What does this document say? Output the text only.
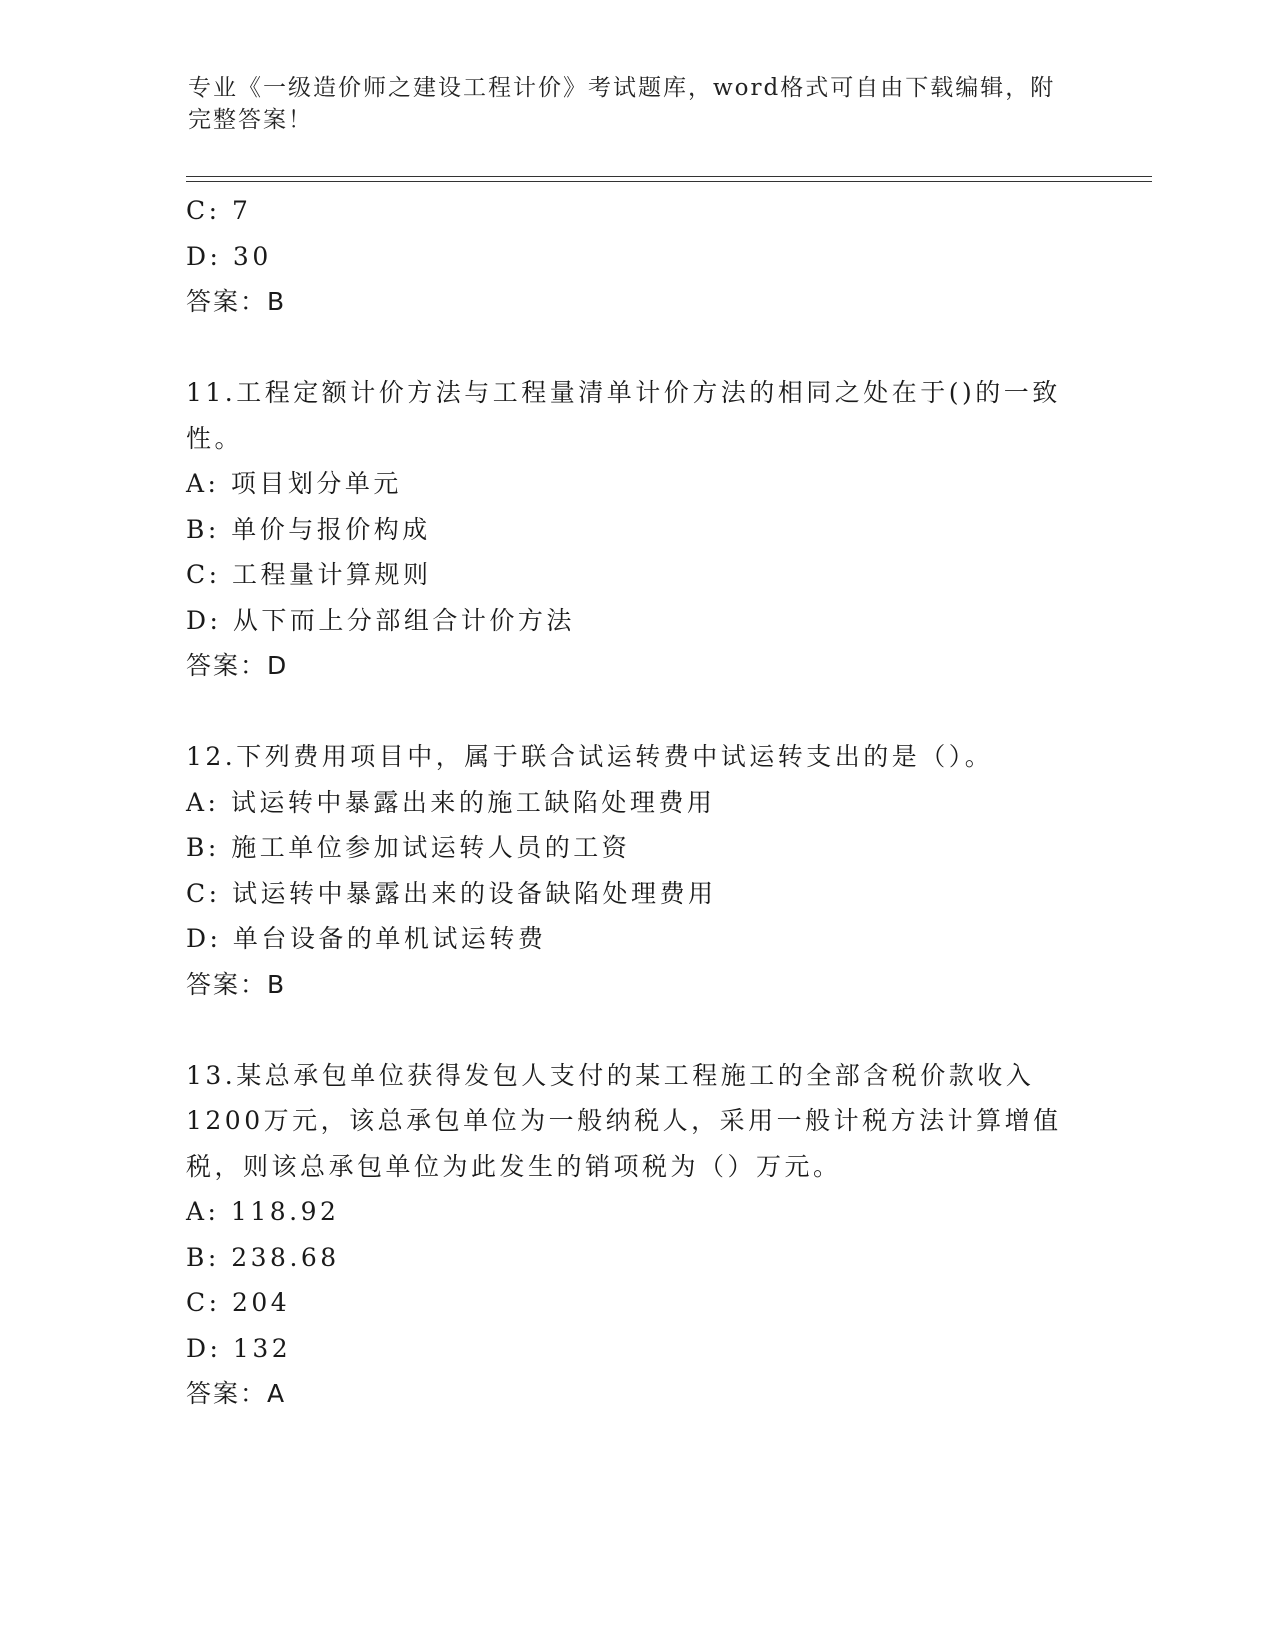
专业《一级造价师之建设工程计价》考试题库，word格式可自由下载编辑，附完整答案！
C: 7
D: 30
答案：B
11.工程定额计价方法与工程量清单计价方法的相同之处在于()的一致性。
A: 项目划分单元
B: 单价与报价构成
C: 工程量计算规则
D: 从下而上分部组合计价方法
答案：D
12.下列费用项目中，属于联合试运转费中试运转支出的是（）。
A: 试运转中暴露出来的施工缺陷处理费用
B: 施工单位参加试运转人员的工资
C: 试运转中暴露出来的设备缺陷处理费用
D: 单台设备的单机试运转费
答案：B
13.某总承包单位获得发包人支付的某工程施工的全部含税价款收入1200万元，该总承包单位为一般纳税人，采用一般计税方法计算增值税，则该总承包单位为此发生的销项税为（）万元。
A: 118.92
B: 238.68
C: 204
D: 132
答案：A
